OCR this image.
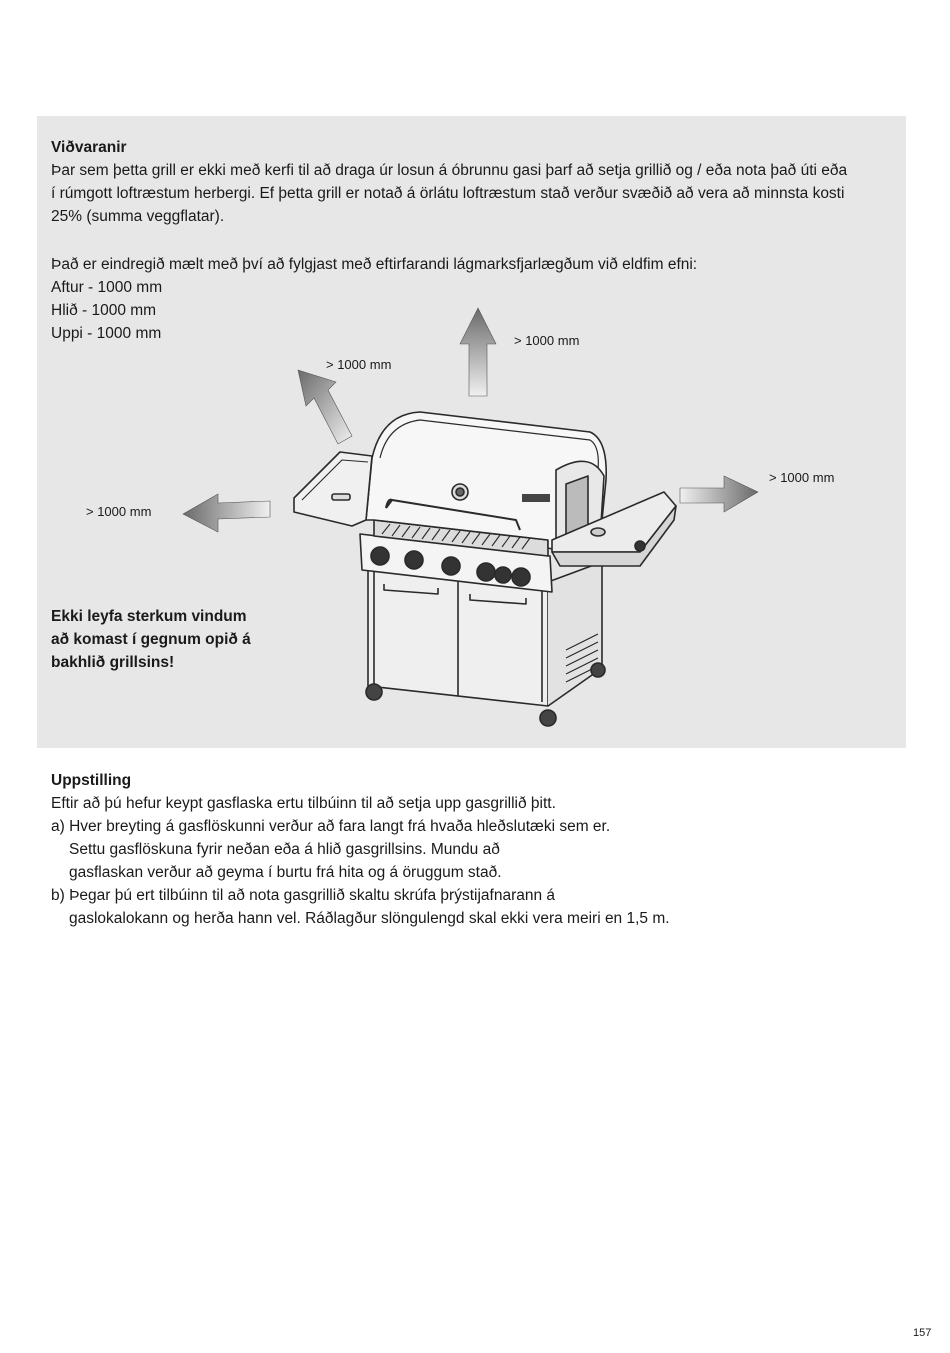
Viðvaranir
Þar sem þetta grill er ekki með kerfi til að draga úr losun á óbrunnu gasi þarf að setja grillið og / eða nota það úti eða
í rúmgott loftræstum herbergi. Ef þetta grill er notað á örlátu loftræstum stað verður svæðið að vera að minnsta kosti
25% (summa veggflatar).
Það er eindregið mælt með því að fylgjast með eftirfarandi lágmarksfjarlægðum við eldfim efni:
Aftur - 1000 mm
Hlið - 1000 mm
Uppi - 1000 mm	> 1000 mm
> 1000 mm
> 1000 mm
> 1000 mm
Ekki leyfa sterkum vindum
að komast í gegnum opið á
bakhlið grillsins!
Uppstilling
Eftir að þú hefur keypt gasflaska ertu tilbúinn til að setja upp gasgrillið þitt.
a) Hver breyting á gasflöskunni verður að fara langt frá hvaða hleðslutæki sem er.
Settu gasflöskuna fyrir neðan eða á hlið gasgrillsins. Mundu að
gasflaskan verður að geyma í burtu frá hita og á öruggum stað.
b) Þegar þú ert tilbúinn til að nota gasgrillið skaltu skrúfa þrýstijafnarann á
gaslokalokann og herða hann vel. Ráðlagður slöngulengd skal ekki vera meiri en 1,5 m.
157
